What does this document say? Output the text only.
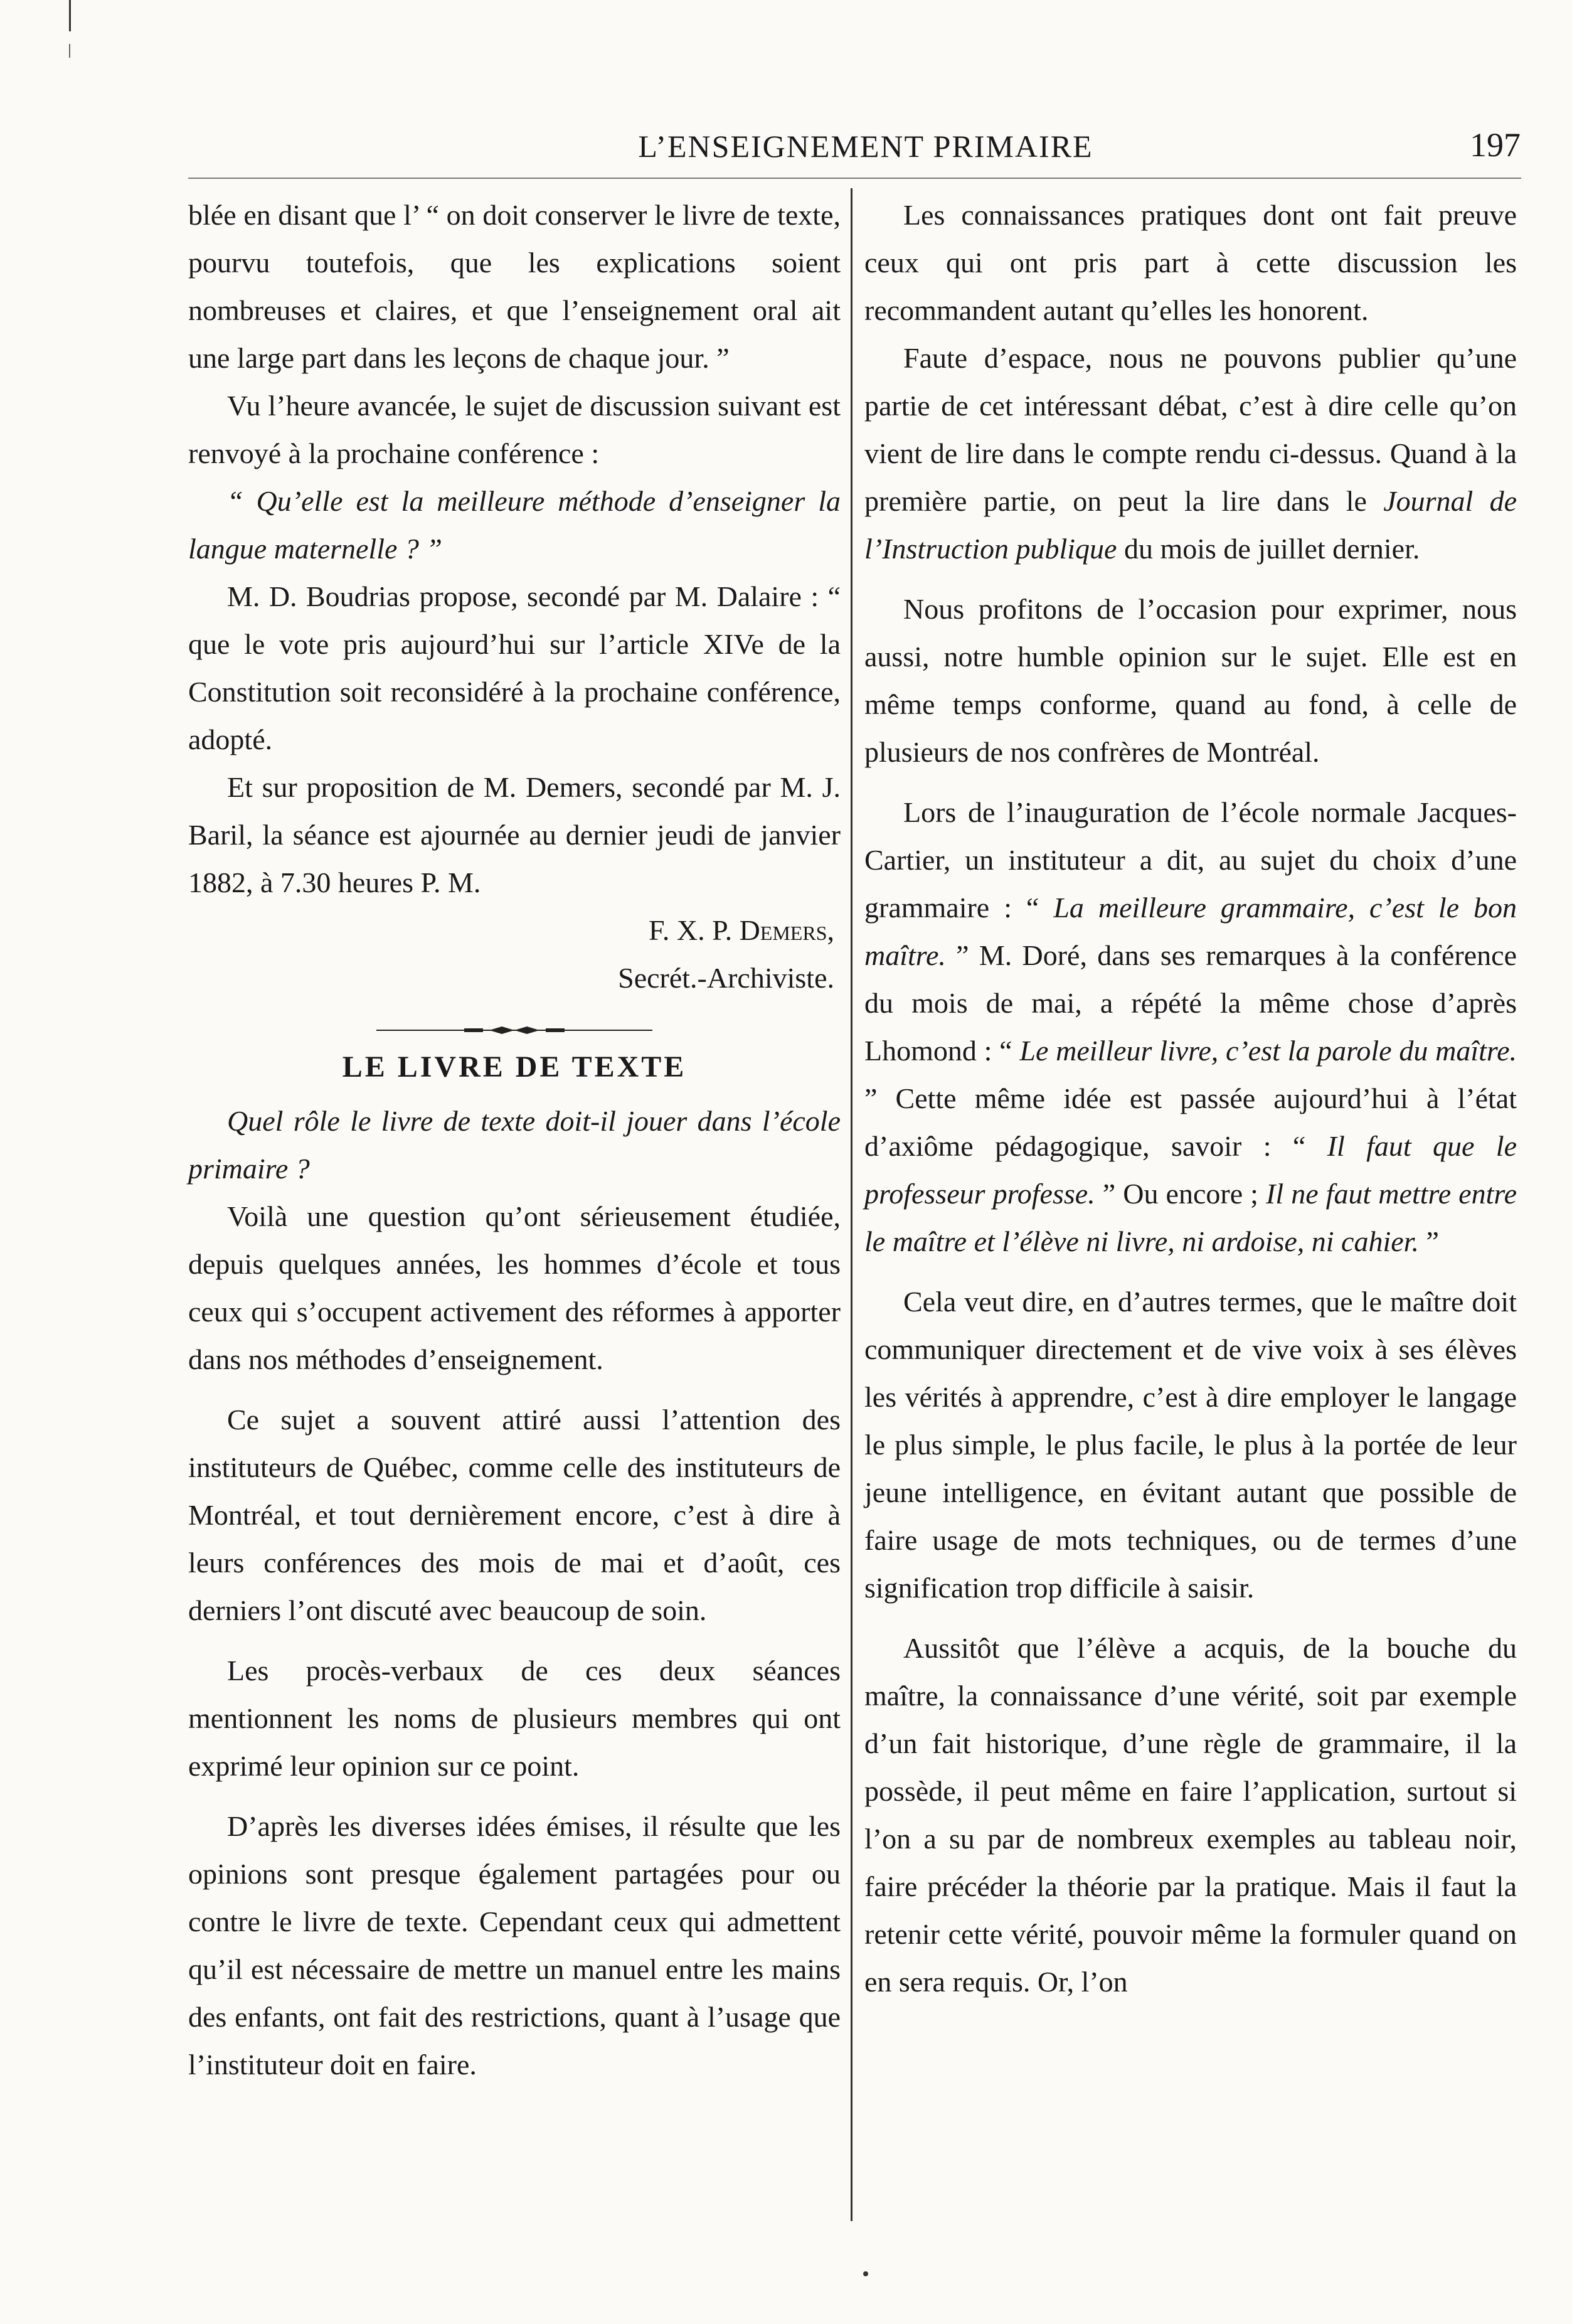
L’ENSEIGNEMENT PRIMAIRE	197

blée en disant que l’ “ on doit conserver le livre de texte, pourvu toutefois, que les explications soient nombreuses et claires, et que l’enseignement oral ait une large part dans les leçons de chaque jour. ”

Vu l’heure avancée, le sujet de discussion suivant est renvoyé à la prochaine conférence :

“ Qu’elle est la meilleure méthode d’enseigner la langue maternelle ? ”

M. D. Boudrias propose, secondé par M. Dalaire : “ que le vote pris aujourd’hui sur l’article XIVe de la Constitution soit reconsidéré à la prochaine conférence, adopté.

Et sur proposition de M. Demers, secondé par M. J. Baril, la séance est ajournée au dernier jeudi de janvier 1882, à 7.30 heures P. M.

F. X. P. Demers,

Secrét.-Archiviste.

LE LIVRE DE TEXTE

Quel rôle le livre de texte doit-il jouer dans l’école primaire ?

Voilà une question qu’ont sérieusement étudiée, depuis quelques années, les hommes d’école et tous ceux qui s’occupent activement des réformes à apporter dans nos méthodes d’enseignement.

Ce sujet a souvent attiré aussi l’attention des instituteurs de Québec, comme celle des instituteurs de Montréal, et tout dernièrement encore, c’est à dire à leurs conférences des mois de mai et d’août, ces derniers l’ont discuté avec beaucoup de soin.

Les procès-verbaux de ces deux séances mentionnent les noms de plusieurs membres qui ont exprimé leur opinion sur ce point.

D’après les diverses idées émises, il résulte que les opinions sont presque également partagées pour ou contre le livre de texte. Cependant ceux qui admettent qu’il est nécessaire de mettre un manuel entre les mains des enfants, ont fait des restrictions, quant à l’usage que l’instituteur doit en faire.

Les connaissances pratiques dont ont fait preuve ceux qui ont pris part à cette discussion les recommandent autant qu’elles les honorent.

Faute d’espace, nous ne pouvons publier qu’une partie de cet intéressant débat, c’est à dire celle qu’on vient de lire dans le compte rendu ci-dessus. Quand à la première partie, on peut la lire dans le Journal de l’Instruction publique du mois de juillet dernier.

Nous profitons de l’occasion pour exprimer, nous aussi, notre humble opinion sur le sujet. Elle est en même temps conforme, quand au fond, à celle de plusieurs de nos confrères de Montréal.

Lors de l’inauguration de l’école normale Jacques-Cartier, un instituteur a dit, au sujet du choix d’une grammaire : “ La meilleure grammaire, c’est le bon maître. ” M. Doré, dans ses remarques à la conférence du mois de mai, a répété la même chose d’après Lhomond : “ Le meilleur livre, c’est la parole du maître. ” Cette même idée est passée aujourd’hui à l’état d’axiôme pédagogique, savoir : “ Il faut que le professeur professe. ” Ou encore ; Il ne faut mettre entre le maître et l’élève ni livre, ni ardoise, ni cahier. ”

Cela veut dire, en d’autres termes, que le maître doit communiquer directement et de vive voix à ses élèves les vérités à apprendre, c’est à dire employer le langage le plus simple, le plus facile, le plus à la portée de leur jeune intelligence, en évitant autant que possible de faire usage de mots techniques, ou de termes d’une signification trop difficile à saisir.

Aussitôt que l’élève a acquis, de la bouche du maître, la connaissance d’une vérité, soit par exemple d’un fait historique, d’une règle de grammaire, il la possède, il peut même en faire l’application, surtout si l’on a su par de nombreux exemples au tableau noir, faire précéder la théorie par la pratique. Mais il faut la retenir cette vérité, pouvoir même la formuler quand on en sera requis. Or, l’on
